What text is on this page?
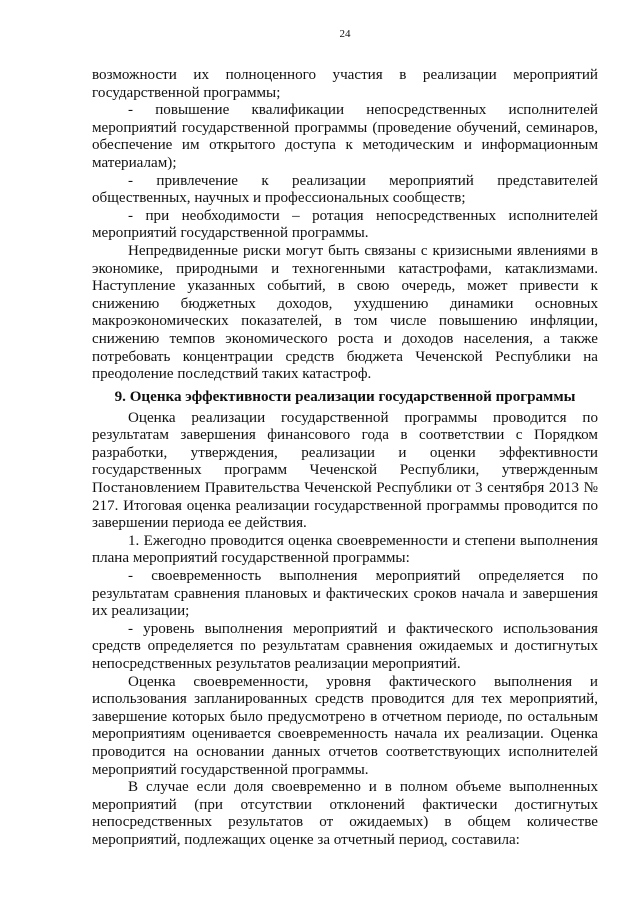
24

возможности их полноценного участия в реализации мероприятий государственной программы;

- повышение квалификации непосредственных исполнителей мероприятий государственной программы (проведение обучений, семинаров, обеспечение им открытого доступа к методическим и информационным материалам);

- привлечение к реализации мероприятий представителей общественных, научных и профессиональных сообществ;

- при необходимости – ротация непосредственных исполнителей мероприятий государственной программы.

Непредвиденные риски могут быть связаны с кризисными явлениями в экономике, природными и техногенными катастрофами, катаклизмами. Наступление указанных событий, в свою очередь, может привести к снижению бюджетных доходов, ухудшению динамики основных макроэкономических показателей, в том числе повышению инфляции, снижению темпов экономического роста и доходов населения, а также потребовать концентрации средств бюджета Чеченской Республики на преодоление последствий таких катастроф.

9. Оценка эффективности реализации государственной программы

Оценка реализации государственной программы проводится по результатам завершения финансового года в соответствии с Порядком разработки, утверждения, реализации и оценки эффективности государственных программ Чеченской Республики, утвержденным Постановлением Правительства Чеченской Республики от 3 сентября 2013 № 217. Итоговая оценка реализации государственной программы проводится по завершении периода ее действия.

1. Ежегодно проводится оценка своевременности и степени выполнения плана мероприятий государственной программы:

- своевременность выполнения мероприятий определяется по результатам сравнения плановых и фактических сроков начала и завершения их реализации;

- уровень выполнения мероприятий и фактического использования средств определяется по результатам сравнения ожидаемых и достигнутых непосредственных результатов реализации мероприятий.

Оценка своевременности, уровня фактического выполнения и использования запланированных средств проводится для тех мероприятий, завершение которых было предусмотрено в отчетном периоде, по остальным мероприятиям оценивается своевременность начала их реализации. Оценка проводится на основании данных отчетов соответствующих исполнителей мероприятий государственной программы.

В случае если доля своевременно и в полном объеме выполненных мероприятий (при отсутствии отклонений фактически достигнутых непосредственных результатов от ожидаемых) в общем количестве мероприятий, подлежащих оценке за отчетный период, составила:
